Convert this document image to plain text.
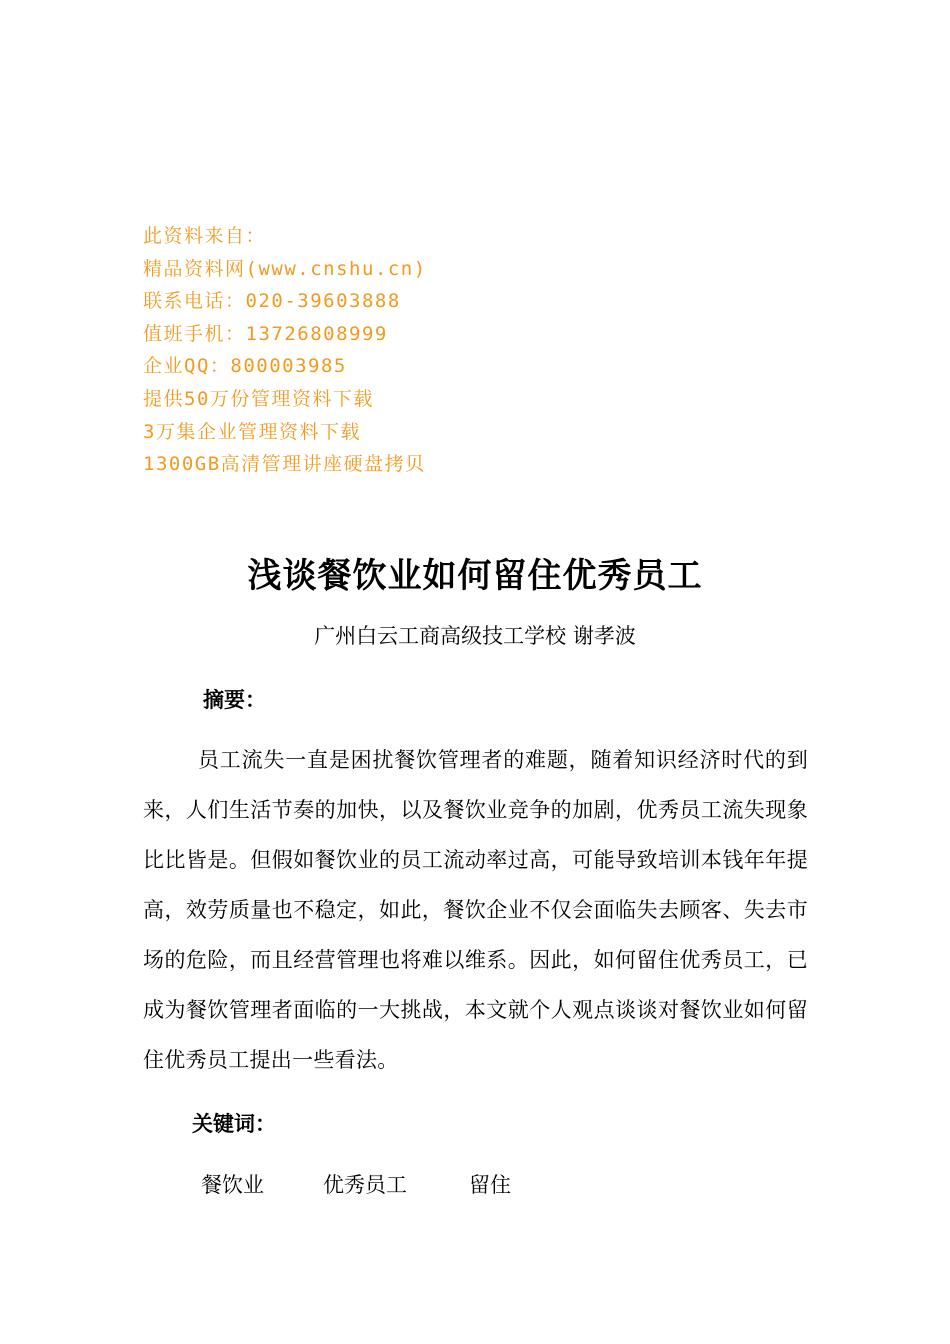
此资料来自：
精品资料网(www.cnshu.cn)
联系电话：020-39603888
值班手机：13726808999
企业QQ：800003985
提供50万份管理资料下载
3万集企业管理资料下载
1300GB高清管理讲座硬盘拷贝
浅谈餐饮业如何留住优秀员工
广州白云工商高级技工学校 谢孝波
摘要：

员工流失一直是困扰餐饮管理者的难题，随着知识经济时代的到来，人们生活节奏的加快，以及餐饮业竞争的加剧，优秀员工流失现象比比皆是。但假如餐饮业的员工流动率过高，可能导致培训本钱年年提高，效劳质量也不稳定，如此，餐饮企业不仅会面临失去顾客、失去市场的危险，而且经营管理也将难以维系。因此，如何留住优秀员工，已成为餐饮管理者面临的一大挑战，本文就个人观点谈谈对餐饮业如何留住优秀员工提出一些看法。

关键词：
餐饮业	优秀员工	留住
